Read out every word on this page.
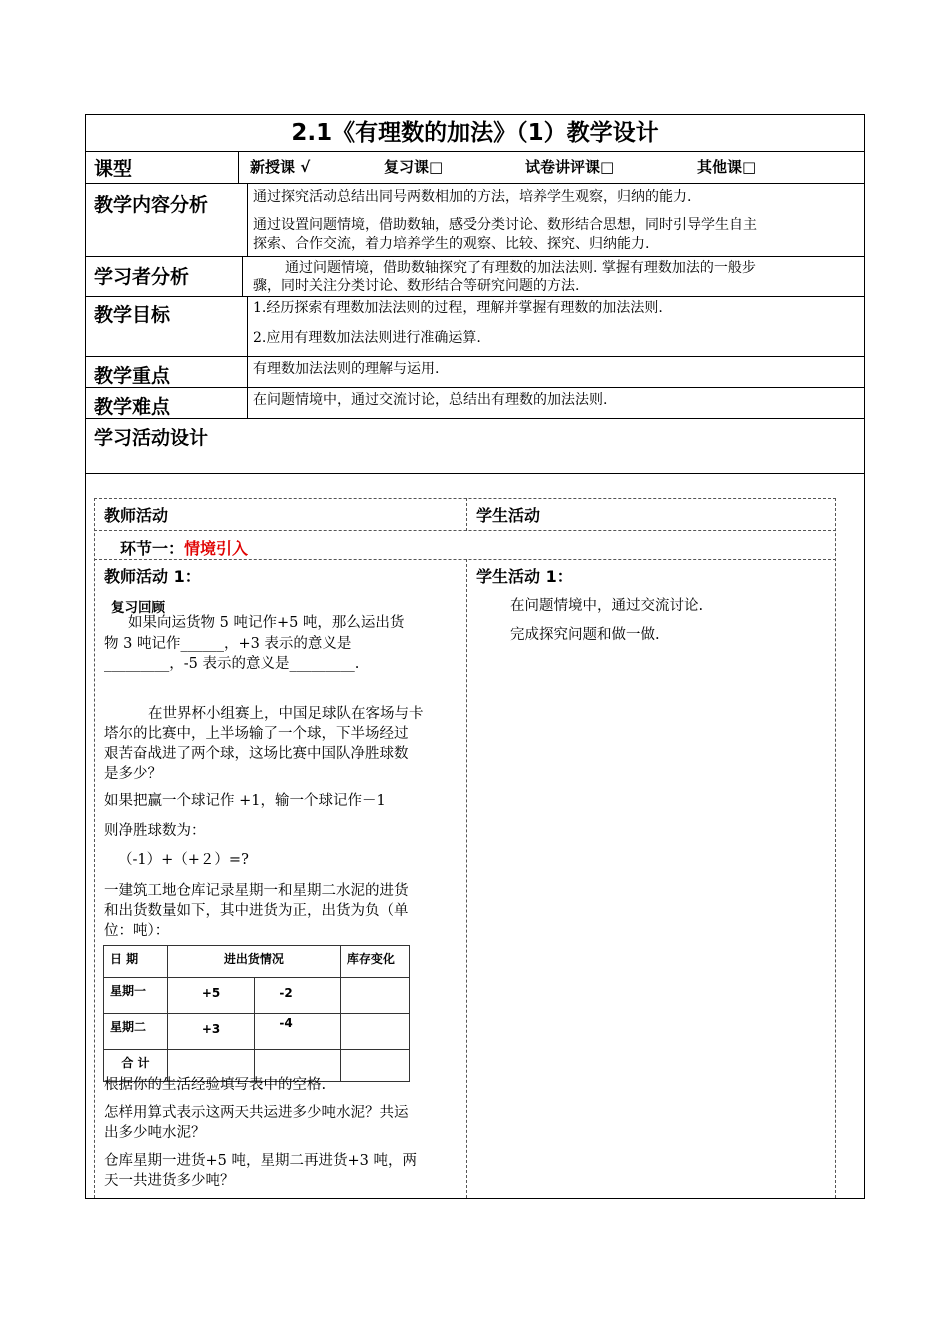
2.1《有理数的加法》（1）教学设计
课型	新授课 √	复习课□	试卷讲评课□	其他课□
教学内容分析	通过探究活动总结出同号两数相加的方法，培养学生观察，归纳的能力.
通过设置问题情境，借助数轴，感受分类讨论、数形结合思想，同时引导学生自主
探索、合作交流，着力培养学生的观察、比较、探究、归纳能力.
学习者分析	通过问题情境，借助数轴探究了有理数的加法法则. 掌握有理数加法的一般步
骤，同时关注分类讨论、数形结合等研究问题的方法.
教学目标	1.经历探索有理数加法法则的过程，理解并掌握有理数的加法法则.
2.应用有理数加法法则进行准确运算.
教学重点	有理数加法法则的理解与运用.
教学难点	在问题情境中，通过交流讨论，总结出有理数的加法法则.
学习活动设计
教师活动	学生活动
环节一：情境引入
教师活动 1：	学生活动 1：
复习回顾
如果向运货物 5 吨记作+5 吨，那么运出货
物 3 吨记作______，+3 表示的意义是
_________，-5 表示的意义是_________.
在世界杯小组赛上，中国足球队在客场与卡
塔尔的比赛中，上半场输了一个球，下半场经过
艰苦奋战进了两个球，这场比赛中国队净胜球数
是多少？
如果把赢一个球记作 +1，输一个球记作－1
则净胜球数为：
（-1）+（+２）=?
一建筑工地仓库记录星期一和星期二水泥的进货
和出货数量如下，其中进货为正，出货为负（单
位：吨）：
日 期	进出货情况		库存变化
星期一	+5	-2	
星期二	+3	-4	
合 计			
根据你的生活经验填写表中的空格.
怎样用算式表示这两天共运进多少吨水泥？共运
出多少吨水泥？
仓库星期一进货+5 吨，星期二再进货+3 吨，两
天一共进货多少吨？
在问题情境中，通过交流讨论.
完成探究问题和做一做.
